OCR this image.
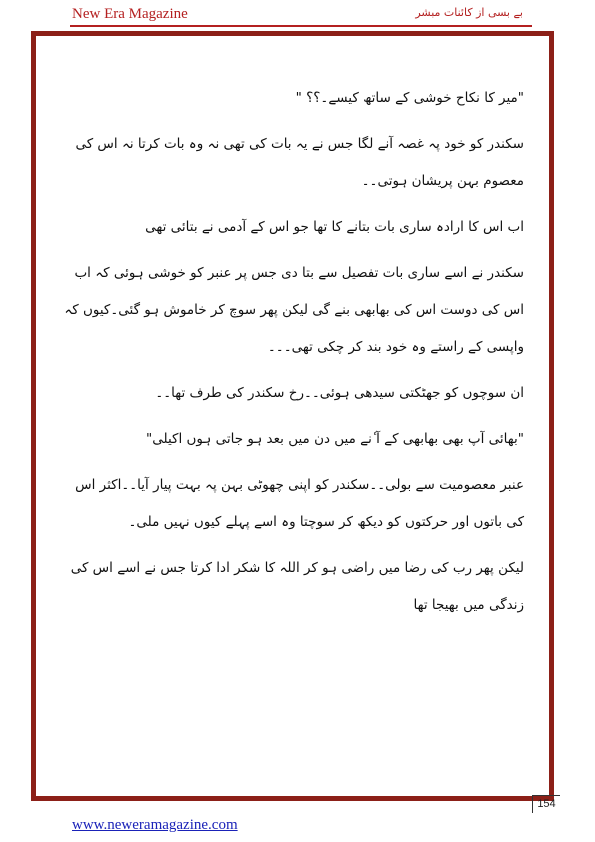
New Era Magazine	بے بسی از کائنات مبشر

"میر کا نکاح خوشی کے ساتھ کیسے۔؟؟ "

سکندر کو خود پہ غصہ آنے لگا جس نے یہ بات کی تھی نہ وہ بات کرتا نہ اس کی معصوم بہن پریشان ہوتی۔۔

اب اس کا ارادہ ساری بات بتانے کا تھا جو اس کے آدمی نے بتائی تھی

سکندر نے اسے ساری بات تفصیل سے بتا دی جس پر عنبر کو خوشی ہوئی کہ اب اس کی دوست اس کی بھابھی بنے گی لیکن پھر سوچ کر خاموش ہو گئی۔کیوں کہ واپسی کے راستے وہ خود بند کر چکی تھی۔۔۔

ان سوچوں کو جھٹکتی سیدھی ہوئی۔۔رخ سکندر کی طرف تھا۔۔

"بھائی آپ بھی بھابھی کے آ ٔنے میں دن میں بعد ہو جاتی ہوں اکیلی"

عنبر معصومیت سے بولی۔۔سکندر کو اپنی چھوٹی بہن پہ بہت پیار آیا۔۔اکثر اس کی باتوں اور حرکتوں کو دیکھ کر سوچتا وہ اسے پہلے کیوں نہیں ملی۔

لیکن پھر رب کی رضا میں راضی ہو کر اللہ کا شکر ادا کرتا جس نے اسے اس کی زندگی میں بھیجا تھا

154
www.neweramagazine.com
